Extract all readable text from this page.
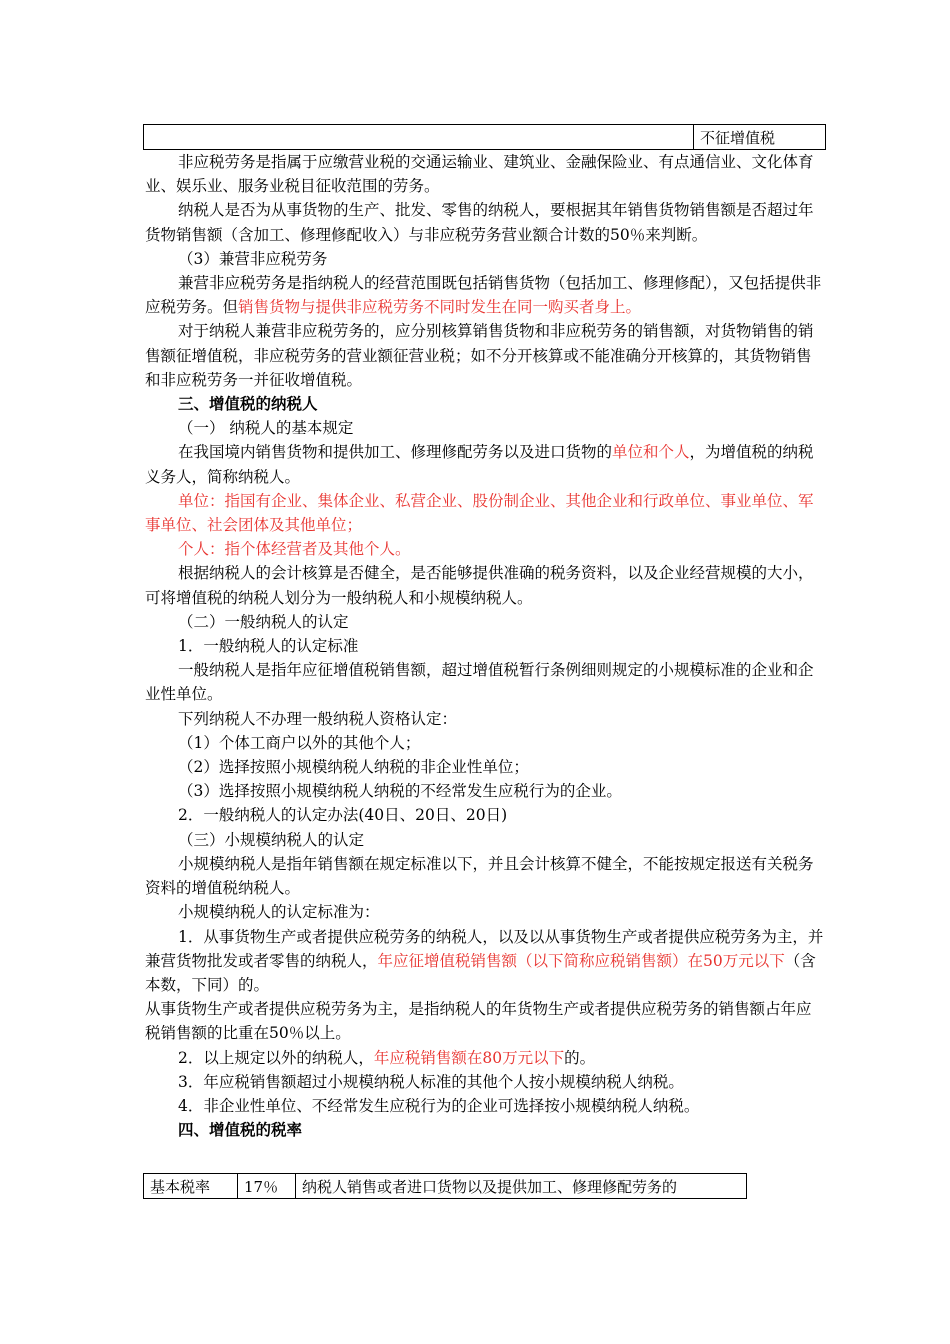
	不征增值税

非应税劳务是指属于应缴营业税的交通运输业、建筑业、金融保险业、有点通信业、文化体育业、娱乐业、服务业税目征收范围的劳务。

纳税人是否为从事货物的生产、批发、零售的纳税人，要根据其年销售货物销售额是否超过年货物销售额（含加工、修理修配收入）与非应税劳务营业额合计数的50％来判断。

（3）兼营非应税劳务

兼营非应税劳务是指纳税人的经营范围既包括销售货物（包括加工、修理修配），又包括提供非应税劳务。但销售货物与提供非应税劳务不同时发生在同一购买者身上。

对于纳税人兼营非应税劳务的，应分别核算销售货物和非应税劳务的销售额，对货物销售的销售额征增值税，非应税劳务的营业额征营业税；如不分开核算或不能准确分开核算的，其货物销售和非应税劳务一并征收增值税。

三、增值税的纳税人

（一） 纳税人的基本规定

在我国境内销售货物和提供加工、修理修配劳务以及进口货物的单位和个人，为增值税的纳税义务人，简称纳税人。

单位：指国有企业、集体企业、私营企业、股份制企业、其他企业和行政单位、事业单位、军事单位、社会团体及其他单位；

个人：指个体经营者及其他个人。

根据纳税人的会计核算是否健全，是否能够提供准确的税务资料，以及企业经营规模的大小，可将增值税的纳税人划分为一般纳税人和小规模纳税人。

（二）一般纳税人的认定

1．一般纳税人的认定标准

一般纳税人是指年应征增值税销售额，超过增值税暂行条例细则规定的小规模标准的企业和企业性单位。

下列纳税人不办理一般纳税人资格认定：

（1）个体工商户以外的其他个人；

（2）选择按照小规模纳税人纳税的非企业性单位；

（3）选择按照小规模纳税人纳税的不经常发生应税行为的企业。

2．一般纳税人的认定办法(40日、20日、20日)

（三）小规模纳税人的认定

小规模纳税人是指年销售额在规定标准以下，并且会计核算不健全，不能按规定报送有关税务资料的增值税纳税人。

小规模纳税人的认定标准为：

1．从事货物生产或者提供应税劳务的纳税人，以及以从事货物生产或者提供应税劳务为主，并兼营货物批发或者零售的纳税人，年应征增值税销售额（以下简称应税销售额）在50万元以下（含本数，下同）的。

从事货物生产或者提供应税劳务为主，是指纳税人的年货物生产或者提供应税劳务的销售额占年应税销售额的比重在50％以上。

2．以上规定以外的纳税人，年应税销售额在80万元以下的。

3．年应税销售额超过小规模纳税人标准的其他个人按小规模纳税人纳税。

4．非企业性单位、不经常发生应税行为的企业可选择按小规模纳税人纳税。

四、增值税的税率

基本税率	17％	纳税人销售或者进口货物以及提供加工、修理修配劳务的
